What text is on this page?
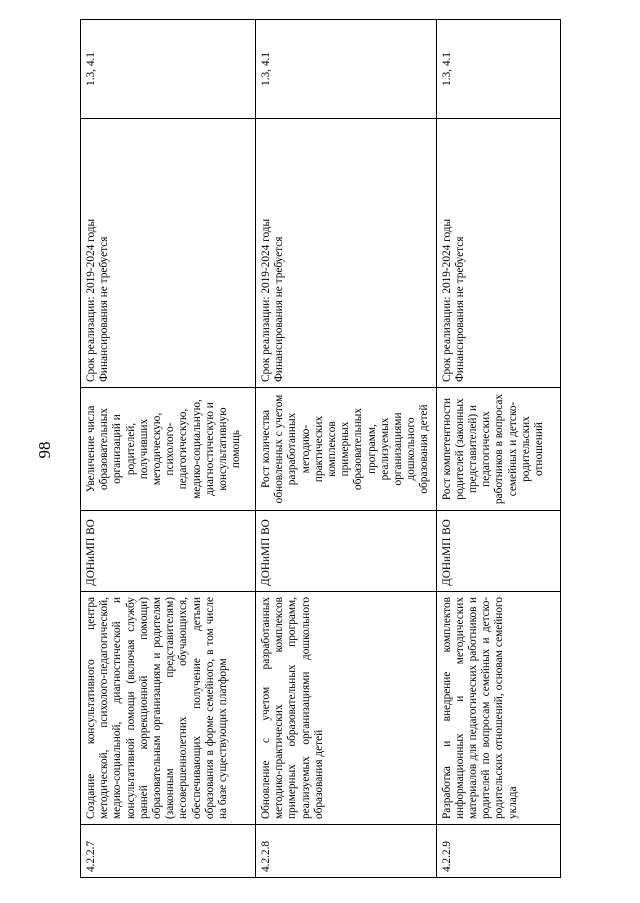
98
4.2.2.7	Создание консультативного центра методической, психолого-педагогической, медико-социальной, диагностической и консультативной помощи (включая службу ранней коррекционной помощи) образовательным организациям и родителям (законным представителям) несовершеннолетних обучающихся, обеспечивающих получение детьми образования в форме семейного, в том числе на базе существующих платформ	ДОНиМП ВО	Увеличение числа образовательных организаций и родителей, получивших методическую, психолого-педагогическую, медико-социальную, диагностическую и консультативную помощь	Срок реализации: 2019-2024 годы
Финансирования не требуется	1.3, 4.1
4.2.2.8	Обновление с учетом разработанных методико-практических комплексов примерных образовательных программ, реализуемых организациями дошкольного образования детей	ДОНиМП ВО	Рост количества обновленных с учетом разработанных методико-практических комплексов примерных образовательных программ, реализуемых организациями дошкольного образования детей	Срок реализации: 2019-2024 годы
Финансирования не требуется	1.3, 4.1
4.2.2.9	Разработка и внедрение комплектов информационных и методических материалов для педагогических работников и родителей по вопросам семейных и детско-родительских отношений, основам семейного уклада	ДОНиМП ВО	Рост компетентности родителей (законных представителей) и педагогических работников в вопросах семейных и детско-родительских отношений	Срок реализации: 2019-2024 годы
Финансирования не требуется	1.3, 4.1
